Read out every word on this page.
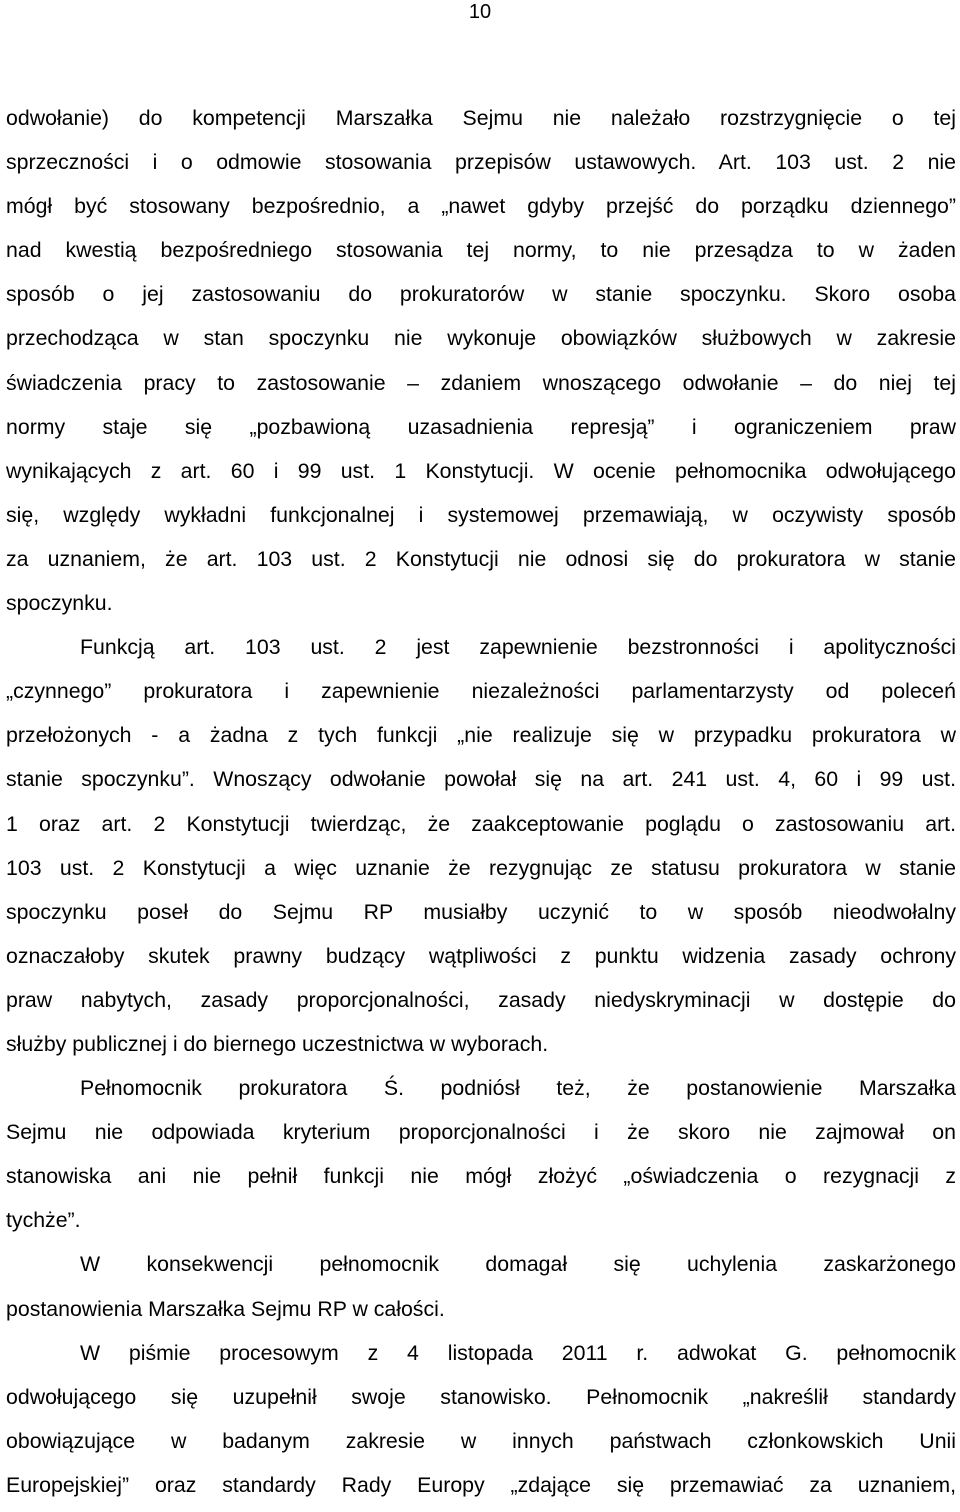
10
odwołanie) do kompetencji Marszałka Sejmu nie należało rozstrzygnięcie o tej
sprzeczności i o odmowie stosowania przepisów ustawowych. Art. 103 ust. 2 nie
mógł być stosowany bezpośrednio, a „nawet gdyby przejść do porządku dziennego”
nad kwestią bezpośredniego stosowania tej normy, to nie przesądza to w żaden
sposób o jej zastosowaniu do prokuratorów w stanie spoczynku. Skoro osoba
przechodząca w stan spoczynku nie wykonuje obowiązków służbowych w zakresie
świadczenia pracy to zastosowanie – zdaniem wnoszącego odwołanie – do niej tej
normy staje się „pozbawioną uzasadnienia represją” i ograniczeniem praw
wynikających z art. 60 i 99 ust. 1 Konstytucji. W ocenie pełnomocnika odwołującego
się, względy wykładni funkcjonalnej i systemowej przemawiają, w oczywisty sposób
za uznaniem, że art. 103 ust. 2 Konstytucji nie odnosi się do prokuratora w stanie
spoczynku.
Funkcją art. 103 ust. 2 jest zapewnienie bezstronności i apolityczności
„czynnego” prokuratora i zapewnienie niezależności parlamentarzysty od poleceń
przełożonych - a żadna z tych funkcji „nie realizuje się w przypadku prokuratora w
stanie spoczynku”. Wnoszący odwołanie powołał się na art. 241 ust. 4, 60 i 99 ust.
1 oraz art. 2 Konstytucji twierdząc, że zaakceptowanie poglądu o zastosowaniu art.
103 ust. 2 Konstytucji a więc uznanie że rezygnując ze statusu prokuratora w stanie
spoczynku poseł do Sejmu RP musiałby uczynić to w sposób nieodwołalny
oznaczałoby skutek prawny budzący wątpliwości z punktu widzenia zasady ochrony
praw nabytych, zasady proporcjonalności, zasady niedyskryminacji w dostępie do
służby publicznej i do biernego uczestnictwa w wyborach.
Pełnomocnik prokuratora Ś. podniósł też, że postanowienie Marszałka
Sejmu nie odpowiada kryterium proporcjonalności i że skoro nie zajmował on
stanowiska ani nie pełnił funkcji nie mógł złożyć „oświadczenia o rezygnacji z
tychże”.
W konsekwencji pełnomocnik domagał się uchylenia zaskarżonego
postanowienia Marszałka Sejmu RP w całości.
W piśmie procesowym z 4 listopada 2011 r. adwokat G. pełnomocnik
odwołującego się uzupełnił swoje stanowisko. Pełnomocnik „nakreślił standardy
obowiązujące w badanym zakresie w innych państwach członkowskich Unii
Europejskiej” oraz standardy Rady Europy „zdające się przemawiać za uznaniem,
